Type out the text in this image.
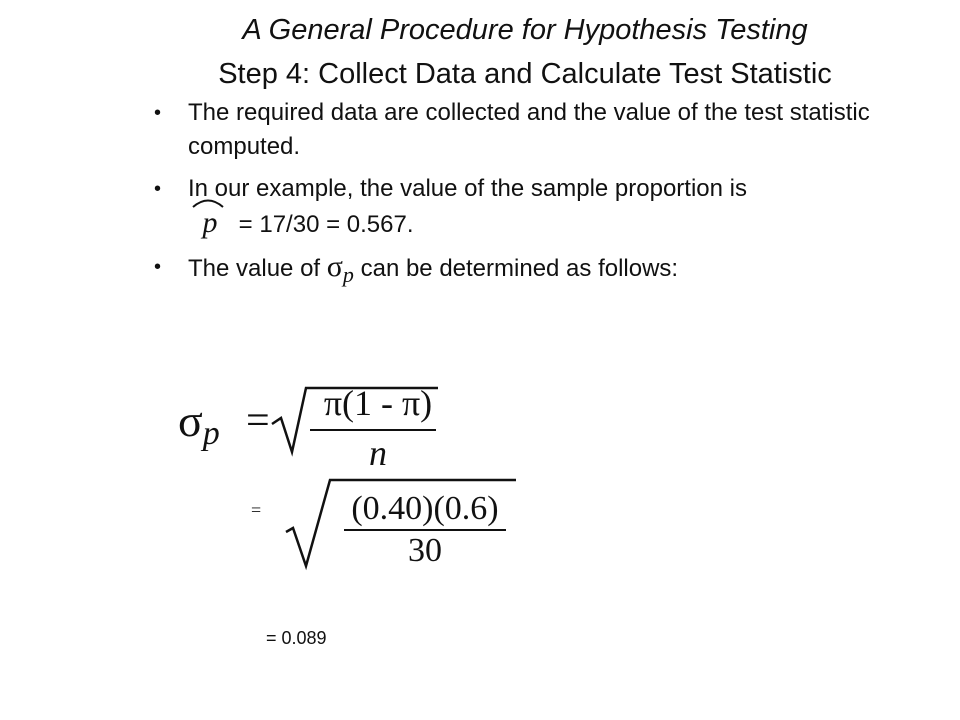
A General Procedure for Hypothesis Testing
Step 4: Collect Data and Calculate Test Statistic
• The required data are collected and the value of the test statistic computed.
• In our example, the value of the sample proportion is

p = 17/30 = 0.567.
• The value of σp can be determined as follows:
σp = π(1 - π)
n
=	(0.40)(0.6)
30
= 0.089
